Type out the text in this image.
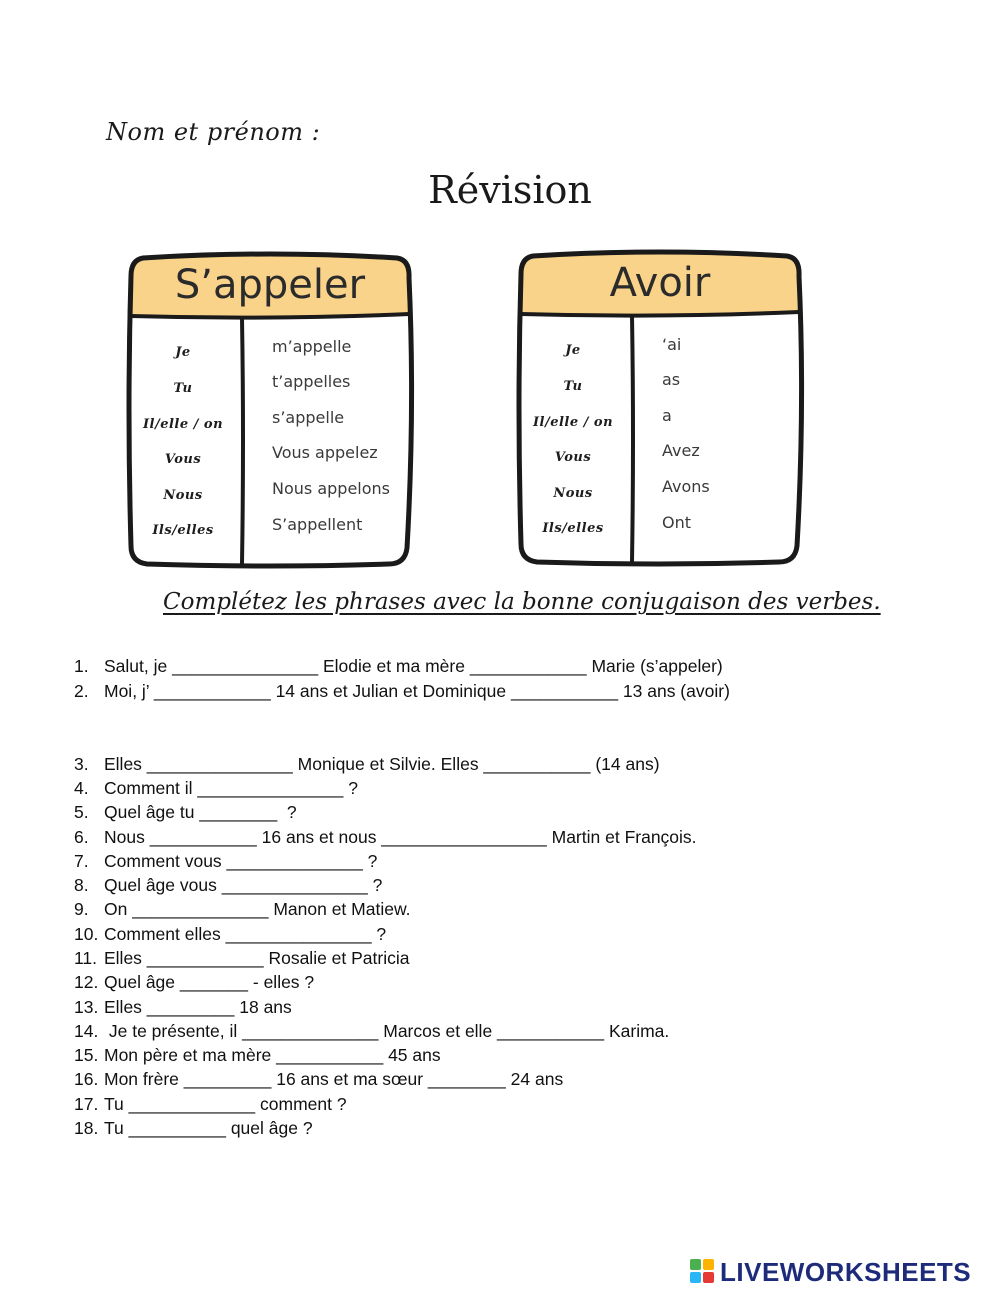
Nom et prénom :
Révision
S’appeler
Je
Tu
Il/elle / on
Vous
Nous
Ils/elles
m’appelle
t’appelles
s’appelle
Vous appelez
Nous appelons
S’appellent
Avoir
Je
Tu
Il/elle / on
Vous
Nous
Ils/elles
‘ai
as
a
Avez
Avons
Ont
Complétez les phrases avec la bonne conjugaison des verbes.
1. Salut, je _______________ Elodie et ma mère ____________ Marie (s’appeler)
2. Moi, j’ ____________ 14 ans et Julian et Dominique ___________ 13 ans (avoir)
3. Elles _______________ Monique et Silvie. Elles ___________ (14 ans)
4. Comment il _______________ ?
5. Quel âge tu ________  ?
6. Nous ___________ 16 ans et nous _________________ Martin et François.
7. Comment vous ______________ ?
8. Quel âge vous _______________ ?
9. On ______________ Manon et Matiew.
10. Comment elles _______________ ?
11. Elles ____________ Rosalie et Patricia
12. Quel âge _______ - elles ?
13. Elles _________ 18 ans
14. Je te présente, il ______________ Marcos et elle ___________ Karima.
15. Mon père et ma mère ___________ 45 ans
16. Mon frère _________ 16 ans et ma sœur ________ 24 ans
17. Tu _____________ comment ?
18. Tu __________ quel âge ?
LIVEWORKSHEETS
